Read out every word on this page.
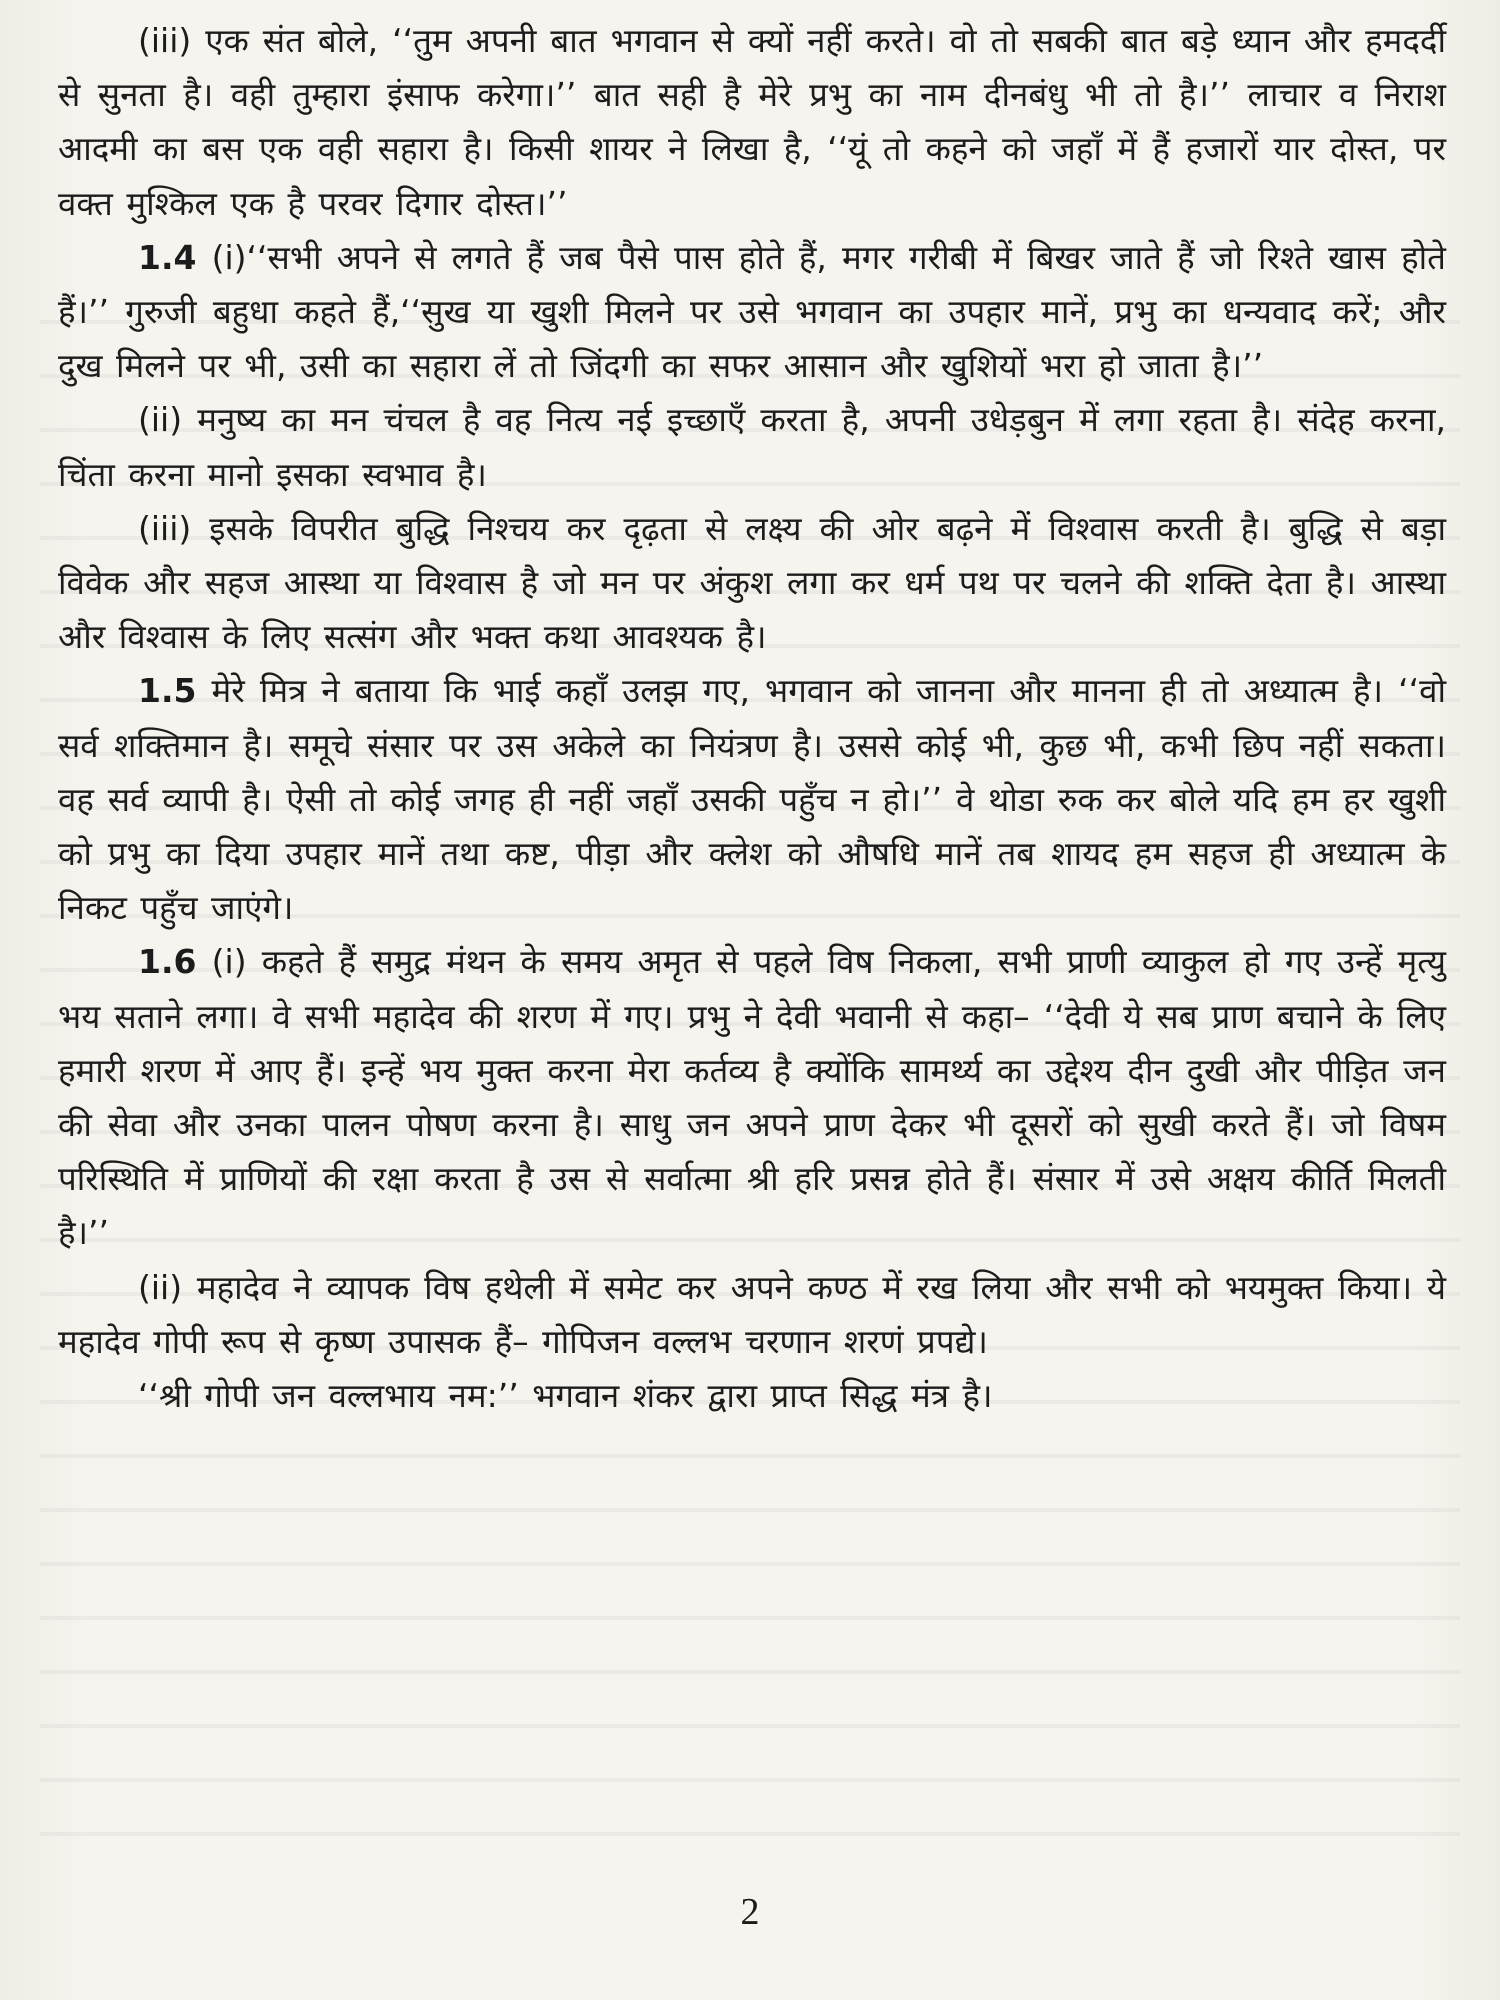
(iii) एक संत बोले, ‘‘तुम अपनी बात भगवान से क्यों नहीं करते। वो तो सबकी बात बड़े ध्यान और हमदर्दी से सुनता है। वही तुम्हारा इंसाफ करेगा।’’ बात सही है मेरे प्रभु का नाम दीनबंधु भी तो है।’’ लाचार व निराश आदमी का बस एक वही सहारा है। किसी शायर ने लिखा है, ‘‘यूं तो कहने को जहाँ में हैं हजारों यार दोस्त, पर वक्त मुश्किल एक है परवर दिगार दोस्त।’’

1.4 (i)‘‘सभी अपने से लगते हैं जब पैसे पास होते हैं, मगर गरीबी में बिखर जाते हैं जो रिश्ते खास होते हैं।’’ गुरुजी बहुधा कहते हैं,‘‘सुख या खुशी मिलने पर उसे भगवान का उपहार मानें, प्रभु का धन्यवाद करें; और दुख मिलने पर भी, उसी का सहारा लें तो जिंदगी का सफर आसान और खुशियों भरा हो जाता है।’’

(ii) मनुष्य का मन चंचल है वह नित्य नई इच्छाएँ करता है, अपनी उधेड़बुन में लगा रहता है। संदेह करना, चिंता करना मानो इसका स्वभाव है।

(iii) इसके विपरीत बुद्धि निश्चय कर दृढ़ता से लक्ष्य की ओर बढ़ने में विश्वास करती है। बुद्धि से बड़ा विवेक और सहज आस्था या विश्वास है जो मन पर अंकुश लगा कर धर्म पथ पर चलने की शक्ति देता है। आस्था और विश्वास के लिए सत्संग और भक्त कथा आवश्यक है।

1.5 मेरे मित्र ने बताया कि भाई कहाँ उलझ गए, भगवान को जानना और मानना ही तो अध्यात्म है। ‘‘वो सर्व शक्तिमान है। समूचे संसार पर उस अकेले का नियंत्रण है। उससे कोई भी, कुछ भी, कभी छिप नहीं सकता। वह सर्व व्यापी है। ऐसी तो कोई जगह ही नहीं जहाँ उसकी पहुँच न हो।’’ वे थोडा रुक कर बोले यदि हम हर खुशी को प्रभु का दिया उपहार मानें तथा कष्ट, पीड़ा और क्लेश को औषधि मानें तब शायद हम सहज ही अध्यात्म के निकट पहुँच जाएंगे।

1.6 (i) कहते हैं समुद्र मंथन के समय अमृत से पहले विष निकला, सभी प्राणी व्याकुल हो गए उन्हें मृत्यु भय सताने लगा। वे सभी महादेव की शरण में गए। प्रभु ने देवी भवानी से कहा– ‘‘देवी ये सब प्राण बचाने के लिए हमारी शरण में आए हैं। इन्हें भय मुक्त करना मेरा कर्तव्य है क्योंकि सामर्थ्य का उद्देश्य दीन दुखी और पीड़ित जन की सेवा और उनका पालन पोषण करना है। साधु जन अपने प्राण देकर भी दूसरों को सुखी करते हैं। जो विषम परिस्थिति में प्राणियों की रक्षा करता है उस से सर्वात्मा श्री हरि प्रसन्न होते हैं। संसार में उसे अक्षय कीर्ति मिलती है।’’

(ii) महादेव ने व्यापक विष हथेली में समेट कर अपने कण्ठ में रख लिया और सभी को भयमुक्त किया। ये महादेव गोपी रूप से कृष्ण उपासक हैं– गोपिजन वल्लभ चरणान शरणं प्रपद्ये।

‘‘श्री गोपी जन वल्लभाय नम:’’ भगवान शंकर द्वारा प्राप्त सिद्ध मंत्र है।

2
